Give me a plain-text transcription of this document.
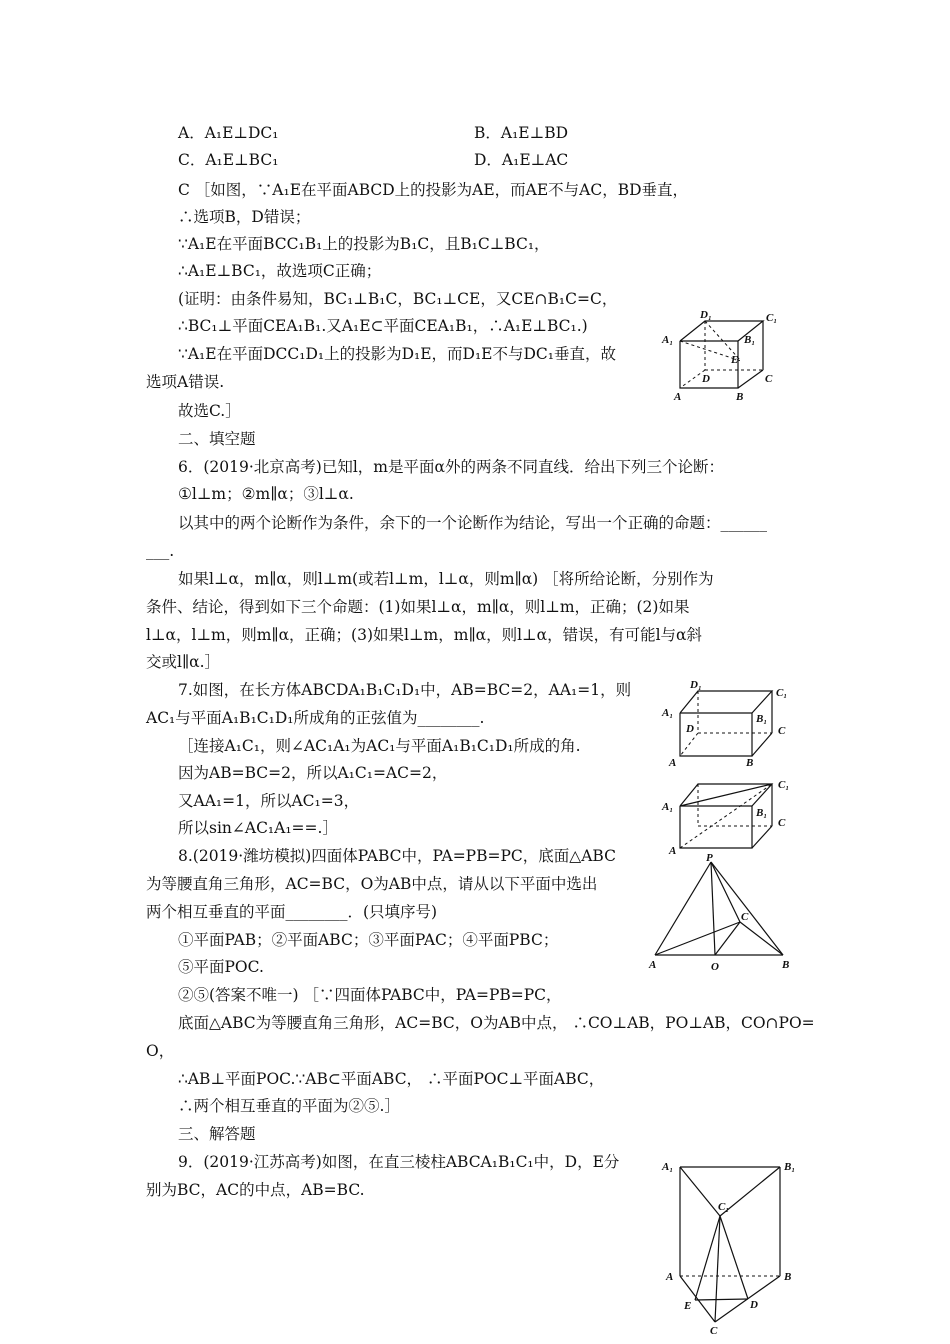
A．A₁E⊥DC₁	B．A₁E⊥BD
C．A₁E⊥BC₁	D．A₁E⊥AC
C ［如图，∵A₁E在平面ABCD上的投影为AE，而AE不与AC，BD垂直，
∴选项B，D错误；
∵A₁E在平面BCC₁B₁上的投影为B₁C，且B₁C⊥BC₁，
∴A₁E⊥BC₁，故选项C正确；
(证明：由条件易知，BC₁⊥B₁C，BC₁⊥CE，又CE∩B₁C=C，
∴BC₁⊥平面CEA₁B₁.又A₁E⊂平面CEA₁B₁，∴A₁E⊥BC₁.)
∵A₁E在平面DCC₁D₁上的投影为D₁E，而D₁E不与DC₁垂直，故
选项A错误.
故选C.］
D₁	C₁
A₁	B₁
E
D	C
A	B
二、填空题
6．(2019·北京高考)已知l，m是平面α外的两条不同直线．给出下列三个论断：
①l⊥m；②m∥α；③l⊥α.
以其中的两个论断作为条件，余下的一个论断作为结论，写出一个正确的命题：______
___.
如果l⊥α，m∥α，则l⊥m(或若l⊥m，l⊥α，则m∥α) ［将所给论断，分别作为
条件、结论，得到如下三个命题：(1)如果l⊥α，m∥α，则l⊥m，正确；(2)如果
l⊥α，l⊥m，则m∥α，正确；(3)如果l⊥m，m∥α，则l⊥α，错误，有可能l与α斜
交或l∥α.］
7.如图，在长方体ABCDA₁B₁C₁D₁中，AB=BC=2，AA₁=1，则
AC₁与平面A₁B₁C₁D₁所成角的正弦值为________.
［连接A₁C₁，则∠AC₁A₁为AC₁与平面A₁B₁C₁D₁所成的角.
因为AB=BC=2，所以A₁C₁=AC=2，
又AA₁=1，所以AC₁=3，
所以sin∠AC₁A₁==.］
D₁
C₁
A₁	B₁
D	C
A	B
C₁
A₁	B₁
C
A
8.(2019·潍坊模拟)四面体PABC中，PA=PB=PC，底面△ABC
为等腰直角三角形，AC=BC，O为AB中点，请从以下平面中选出
两个相互垂直的平面________．(只填序号)
①平面PAB；②平面ABC；③平面PAC；④平面PBC；
⑤平面POC.
②⑤(答案不唯一) ［∵四面体PABC中，PA=PB=PC，
底面△ABC为等腰直角三角形，AC=BC，O为AB中点， ∴CO⊥AB，PO⊥AB，CO∩PO=
O，
∴AB⊥平面POC.∵AB⊂平面ABC， ∴平面POC⊥平面ABC，
∴两个相互垂直的平面为②⑤.］
P
C
A	O	B
三、解答题
9．(2019·江苏高考)如图，在直三棱柱ABCA₁B₁C₁中，D，E分
别为BC，AC的中点，AB=BC.
A₁	B₁
C₁
A	B
E	D
C
